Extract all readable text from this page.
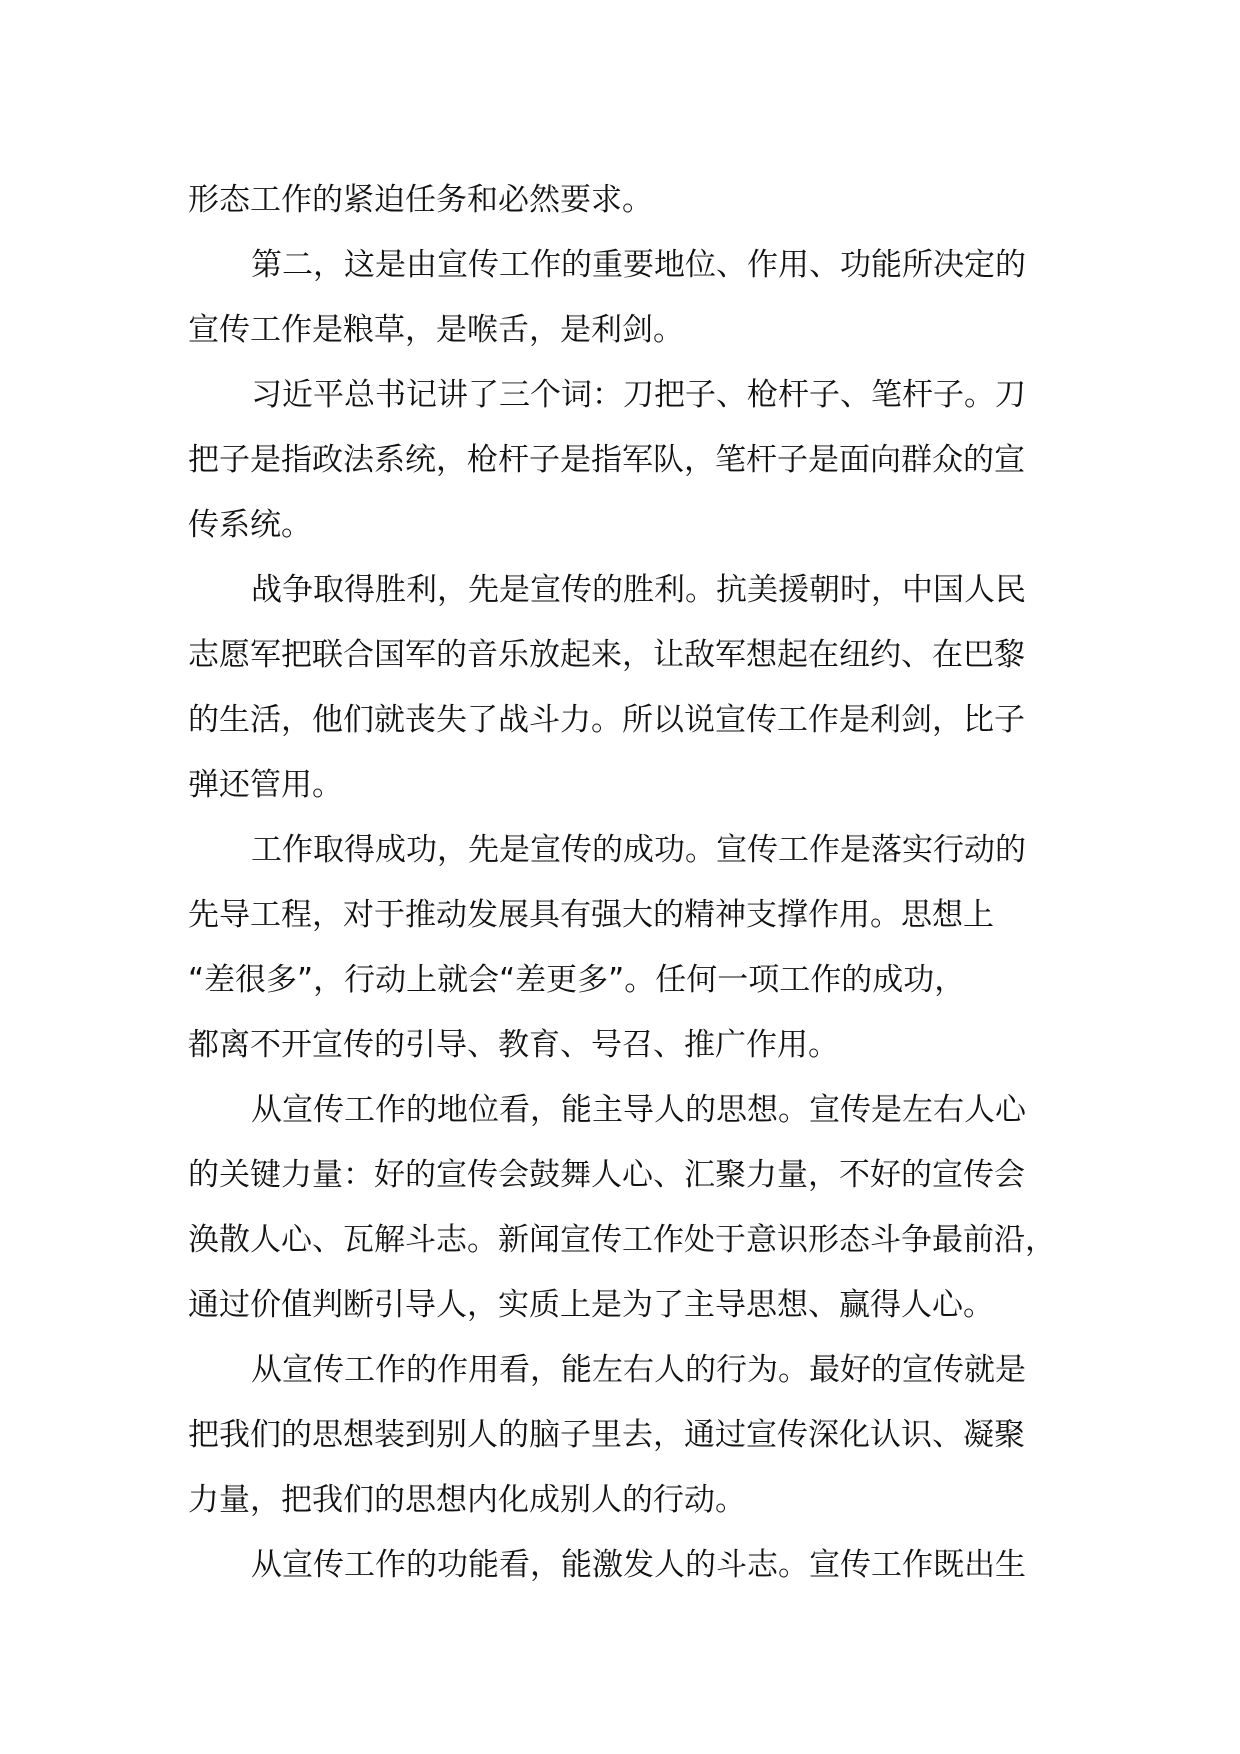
形态工作的紧迫任务和必然要求。
第二，这是由宣传工作的重要地位、作用、功能所决定的
宣传工作是粮草，是喉舌，是利剑。
习近平总书记讲了三个词：刀把子、枪杆子、笔杆子。刀
把子是指政法系统，枪杆子是指军队，笔杆子是面向群众的宣
传系统。
战争取得胜利，先是宣传的胜利。抗美援朝时，中国人民
志愿军把联合国军的音乐放起来，让敌军想起在纽约、在巴黎
的生活，他们就丧失了战斗力。所以说宣传工作是利剑，比子
弹还管用。
工作取得成功，先是宣传的成功。宣传工作是落实行动的
先导工程，对于推动发展具有强大的精神支撑作用。思想上
“差很多”，行动上就会“差更多”。任何一项工作的成功，
都离不开宣传的引导、教育、号召、推广作用。
从宣传工作的地位看，能主导人的思想。宣传是左右人心
的关键力量：好的宣传会鼓舞人心、汇聚力量，不好的宣传会
涣散人心、瓦解斗志。新闻宣传工作处于意识形态斗争最前沿，
通过价值判断引导人，实质上是为了主导思想、赢得人心。
从宣传工作的作用看，能左右人的行为。最好的宣传就是
把我们的思想装到别人的脑子里去，通过宣传深化认识、凝聚
力量，把我们的思想内化成别人的行动。
从宣传工作的功能看，能激发人的斗志。宣传工作既出生
